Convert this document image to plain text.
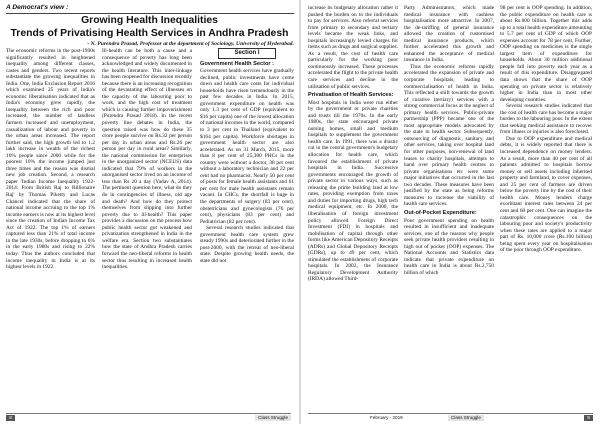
A Democrat's view :
Growing Health Inequalities
Trends of Privatising Health Services in Andhra Pradesh
- N. Purendra Prasad, Professor at the department of Sociology, University of Hyderabad.

The economic reforms in the post-1990s significantly resulted in heightened inequality among different classes, castes and genders. Two recent reports substantiate the growing inequalities in India. One, India Exclusion Report 2016 which examined 25 years of India's economic liberalisation indicated that as India's economy grew rapidly, the inequality between the rich and poor increased, the number of landless farmers increased and unemployment, casualization of labour and poverty in the urban areas increased. The report further said, the high growth led to 1.2 lakh increase in wealth of the richest 10% people since 2000 while for the poorest 10% the income jumped just three times and the reason was dismal new job creation. Second, a research paper 'Indian Income Inequality 1922-2014: From British Raj to Billionaire Raj' by Thomas Piketty and Lucas Chancel indicated that the share of national income accruing to the top 1% income earners is now at its highest level since the creation of Indian Income Tax Act of 1922. The top 1% of earners captured less than 21% of total income in the late 1930s, before dropping to 6% in the early 1980s and rising to 22% today. Thus the authors concluded that income inequality in India is at its highest levels in 1922.

Ill-health can be both a cause and a consequence of poverty has long been acknowledged and widely documented in the health literature. This inter-linkage has been reopened for discussion recently because there is an increasing recognition of the devastating effect of illnesses on the capacity of the labouring poor to work, and the high cost of treatment which is causing further impoverishment (Purendra Prasad 2018). In the recent poverty line debates in India, the question raised was how do these 35 crore people survive on Rs.32 per person per day in urban areas and Rs.26 per person per day in rural areas? Similarly, the national commission for enterprises in the unorganized sector (NCEUS) data indicated that 79% of workers in the unorganised sector lived on an income of less than Rs 20 a day (Yadav A, 2014). The pertinent question here, what do they do in contingencies of illness, old age and death? And how do they protect themselves from slipping into further poverty due to ill-health? This paper provides a discussion on the process how public health sector got weakened and privatization strengthened in India in the welfare era. Section two substantiates how the state of Andhra Pradesh carries forward the neo-liberal reforms in health sector thus resulting in increased health inequalities.

Section I
Government Health Sector :

Government health services have gradually declined, public investments have come down and health care costs for individual households have risen tremendously in the past few decades in India. In 2015, government expenditure on health was only 1.3 per cent of GDP (equivalent to $16 per capita) one of the lowest allocation of national incomes in the world, compared to 3 per cent in Thailand (equivalent to $164 per capita). Workforce shortages in government health sector are also accelerated. As on 31 March, 2015, more than 8 per cent of 25,300 PHCs in the country were without a doctor, 38 per cent without a laboratory technician and 22 per cent had no pharmacist. Nearly 50 per cent of posts for female health assistants and 61 per cent for male health assistants remain vacant. In CHCs, the shortfall is huge in the departments of surgery (83 per cent), obstetricians and gynecologists (76 per cent), physicians (83 per cent) and Pediatrician (82 per cent).

Several research studies indicated that government health care system grew steady 1990s and deteriorated further in the post-2000, with the retreat of neo-liberal state. Despite growing health needs, the state did not

8	Class Struggle

increase its budgetary allocation rather it pushed the burden on to the individuals to pay for services. Also referral services from primary to secondary and tertiary levels became the weak links, and hospitals increasingly levied charges for items such as drugs and surgical supplies. As a result, the cost of health care particularly for the working poor continuously increased. These processes accelerated the flight to the private health care services and decline in the utilisation of public services.

Privatisation of Health Services:

Most hospitals in India were run either by the government or private charities and trusts till the 1970s. In the early 1980s, the state encouraged private nursing homes, small and medium hospitals to supplement the government health care. In 1991, there was a drastic cut in the central government's budgetary allocation for health care, which favoured the establishment of private hospitals in India. Successive governments encouraged the growth of private sector in various ways, such as releasing the prime building land at low rates, providing exemption from taxes and duties for importing drugs, high tech medical equipment, etc. In 2000, the liberalisation of foreign investment policy allowed Foreign Direct Investment (FDI) in hospitals and mobilisation of capital through other forms like American Depository Receipts (ADRs) and Global Depository Receipts (GDRs), up to 49 per cent, which stimulated the establishment of corporate hospitals. In 2002, the Insurance Regulatory Development Authority (IRDA) allowed Third-

Party Administrators, which made medical insurance with cashless hospitalisation more attractive. In 2007, the de-tariffing of general insurance allowed the creation of customised medical insurance products, which further accelerated this growth and enhanced the acceptance of medical insurance in India.

Thus the economic reforms rapidly accelerated the expansion of private and corporate hospitals, leading to commercialisation of health in India. This reflected a shift towards the growth of curative (tertiary) services with a strong commercial focus at the neglect of primary health services. Public-private partnership (PPP) became one of the most appropriate models advocated by the state in health sector. Subsequently, outsourcing of diagnostic, sanitary, and other services, taking over hospital land for other purposes, non-renewal of land leases to charity hospitals, attempts to hand over primary health centres to private organisations etc were some major initiatives that occurred in the last two decades. These measures have been justified by the state as being reforms measures to increase the viability of health care services.

Out-of-Pocket Expenditure:

Poor government spending on health resulted in insufficient and inadequate services, one of the reasons why people seek private health providers resulting in high out of pocket (OOP) expenses. The National Accounts and Statistics data indicate that private expenditure on health care in India is about Rs.2,750 billion of which

98 per cent is OOP spending. In addition, the public expenditure on health care is about Rs.600 billion. Together this adds up to a total health expenditure amounting to 5.7 per cent of GDP of which OOP expenses account for 78 per cent. Further, OOP spending on medicines is the single largest item of expenditure for households. About 30 million additional people fall into poverty each year as a result of this expenditure. Disaggregated data shows that the share of OOP spending on private sector is relatively higher in India than in most other developing countries.

Several research studies indicated that the cost of health care has become a major burden to the labouring poor. In the extent that seeking medical assistance to recover from illness or injuries is also foreclosed.

Due to OOP expenditure and medical debts, it is widely reported that there is increased dependence on money lenders. As a result, more than 40 per cent of all patients admitted to hospitals borrow money or sell assets including inherited property and farmland, to cover expenses, and 25 per cent of farmers are driven below the poverty line by the cost of their health care. Money lenders charge exorbitant interest rates between 24 per cent and 60 per cent. One can imagine the catastrophic consequences on the labouring poor and society's productivity when these rates are applied to a major part of Rs. 10,000 crore (Rs.100 billion) being spent every year on hospitalisation of the poor through OOP expenditure.

February - 2019	Class Struggle	9
